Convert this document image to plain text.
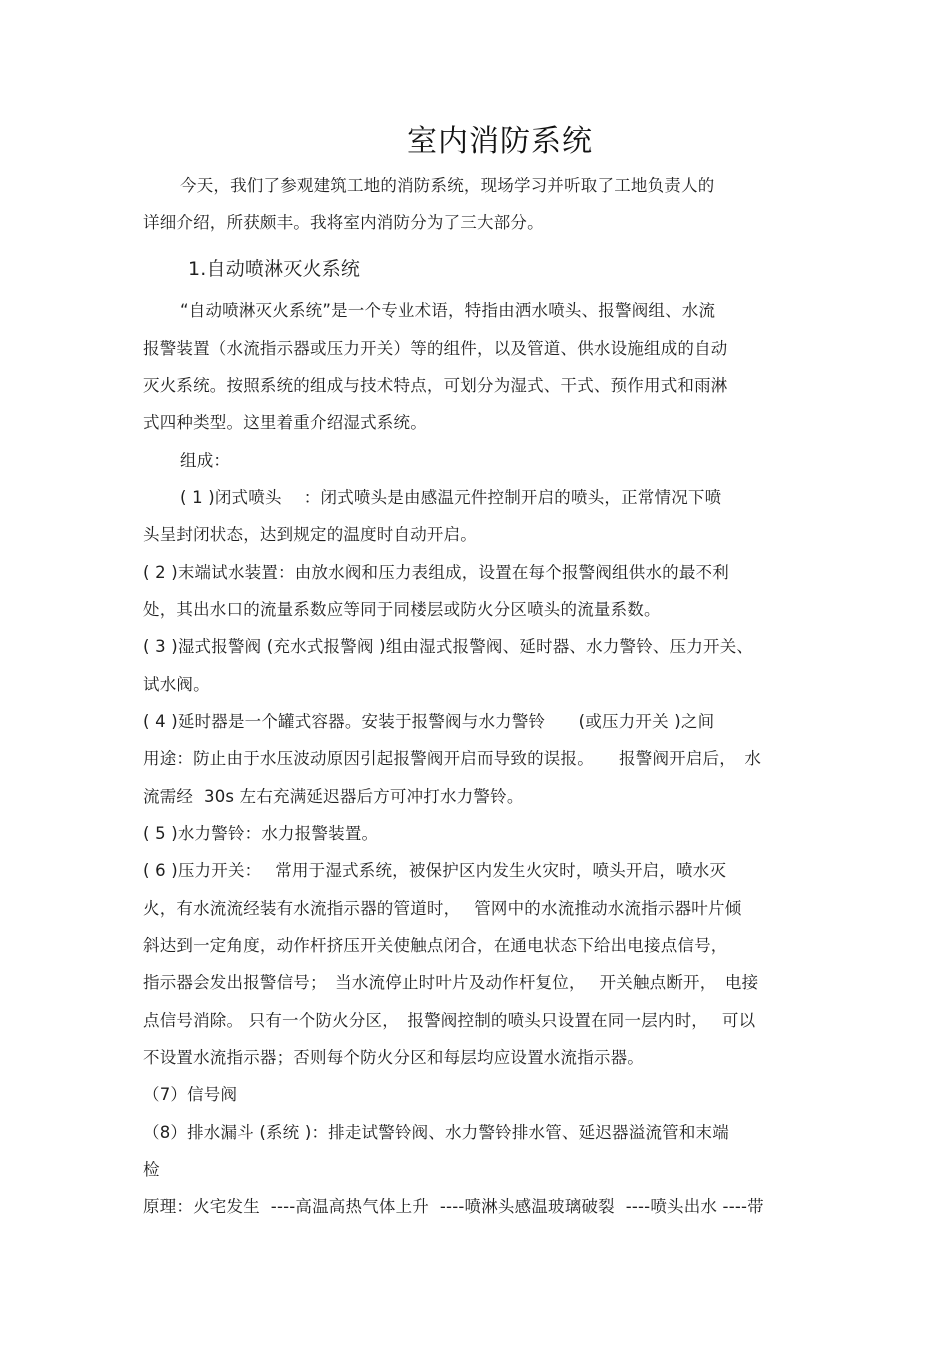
室内消防系统
今天，我们了参观建筑工地的消防系统，现场学习并听取了工地负责人的
详细介绍，所获颇丰。我将室内消防分为了三大部分。
1.自动喷淋灭火系统
“自动喷淋灭火系统”是一个专业术语，特指由洒水喷头、报警阀组、水流
报警装置（水流指示器或压力开关）等的组件，以及管道、供水设施组成的自动
灭火系统。按照系统的组成与技术特点，可划分为湿式、干式、预作用式和雨淋
式四种类型。这里着重介绍湿式系统。
组成：
( 1 )闭式喷头　 ：闭式喷头是由感温元件控制开启的喷头，正常情况下喷
头呈封闭状态，达到规定的温度时自动开启。
( 2 )末端试水装置：由放水阀和压力表组成，设置在每个报警阀组供水的最不利
处，其出水口的流量系数应等同于同楼层或防火分区喷头的流量系数。
( 3 )湿式报警阀 (充水式报警阀 )组由湿式报警阀、延时器、水力警铃、压力开关、
试水阀。
( 4 )延时器是一个罐式容器。安装于报警阀与水力警铃　　(或压力开关 )之间
用途：防止由于水压波动原因引起报警阀开启而导致的误报。　　报警阀开启后，　水
流需经  30s 左右充满延迟器后方可冲打水力警铃。
( 5 )水力警铃：水力报警装置。
( 6 )压力开关：　 常用于湿式系统，被保护区内发生火灾时，喷头开启，喷水灭
火，有水流流经装有水流指示器的管道时，　 管网中的水流推动水流指示器叶片倾
斜达到一定角度，动作杆挤压开关使触点闭合，在通电状态下给出电接点信号，
指示器会发出报警信号；　当水流停止时叶片及动作杆复位，　 开关触点断开，　电接
点信号消除。 只有一个防火分区，　报警阀控制的喷头只设置在同一层内时，　 可以
不设置水流指示器；否则每个防火分区和每层均应设置水流指示器。
（7）信号阀
（8）排水漏斗 (系统 )：排走试警铃阀、水力警铃排水管、延迟器溢流管和末端
检
原理：火宅发生  ----高温高热气体上升  ----喷淋头感温玻璃破裂  ----喷头出水 ----带
